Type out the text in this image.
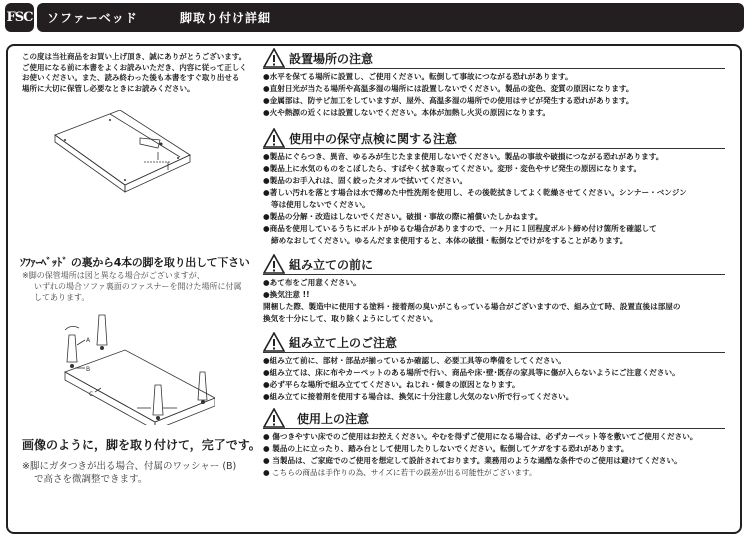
FSC ソファーベッド	脚取り付け詳細
この度は当社商品をお買い上げ頂き、誠にありがとうございます。
ご使用になる前に本書をよくお読みいただき、内容に従って正しく
お使いください。また、読み終わった後も本書をすぐ取り出せる
場所に大切に保管し必要なときにお読みください。
ｿﾌｧｰﾍﾞｯﾄﾞ の裏から4本の脚を取り出して下さい
※脚の保管場所は図と異なる場合がございますが、
いずれの場合ソファ裏面のファスナーを開けた場所に付属
してあります。
A
B
C
画像のように，脚を取り付けて，完了です。
※脚にガタつきが出る場合、付属のワッシャー (B)
で高さを微調整できます。
設置場所の注意
●水平を保てる場所に設置し、ご使用ください。転倒して事故につながる恐れがあります。
●直射日光が当たる場所や高温多湿の場所には設置しないでください。製品の変色、変質の原因になります。
●金属部は、防サビ加工をしていますが、屋外、高温多湿の場所での使用はサビが発生する恐れがあります。
●火や熱源の近くには設置しないでください。本体が加熱し火災の原因になります。
使用中の保守点検に関する注意
●製品にぐらつき、異音、ゆるみが生じたまま使用しないでください。製品の事故や破損につながる恐れがあります。
●製品上に水気のものをこぼしたら、すばやく拭き取ってください。変形・変色やサビ発生の原因になります。
●製品のお手入れは、固く絞ったタオルで拭いてください。
●著しい汚れを落とす場合は水で薄めた中性洗剤を使用し、その後乾拭きしてよく乾燥させてください。シンナー・ベンジン
等は使用しないでください。
●製品の分解・改造はしないでください。破損・事故の際に補償いたしかねます。
●商品を使用しているうちにボルトがゆるむ場合がありますので、一ヶ月に１回程度ボルト締め付け箇所を確認して
締めなおしてください。ゆるんだまま使用すると、本体の破損・転倒などでけがをすることがあります。
組み立ての前に
●あて布をご用意ください。
●換気注意 !!
開梱した際、製造中に使用する塗料・接着剤の臭いがこもっている場合がございますので、組み立て時、設置直後は部屋の
換気を十分にして、取り除くようにしてください。
組み立て上のご注意
●組み立て前に、部材・部品が揃っているか確認し、必要工具等の準備をしてください。
●組み立ては、床に布やカーペットのある場所で行い、商品や床･壁･既存の家具等に傷が入らないようにご注意ください。
●必ず平らな場所で組み立ててください。ねじれ・傾きの原因となります。
●組み立てに接着剤を使用する場合は、換気に十分注意し火気のない所で行ってください。
使用上の注意
● 傷つきやすい床でのご使用はお控えください。やむを得ずご使用になる場合は、必ずカーペット等を敷いてご使用ください。
● 製品の上に立ったり、踏み台として使用したりしないでください。転倒してケガをする恐れがあります。
● 当製品は、ご家庭でのご使用を想定して設計されております。業務用のような過酷な条件でのご使用は避けてください。
● こちらの商品は手作りの為、サイズに若干の誤差が出る可能性がございます。
